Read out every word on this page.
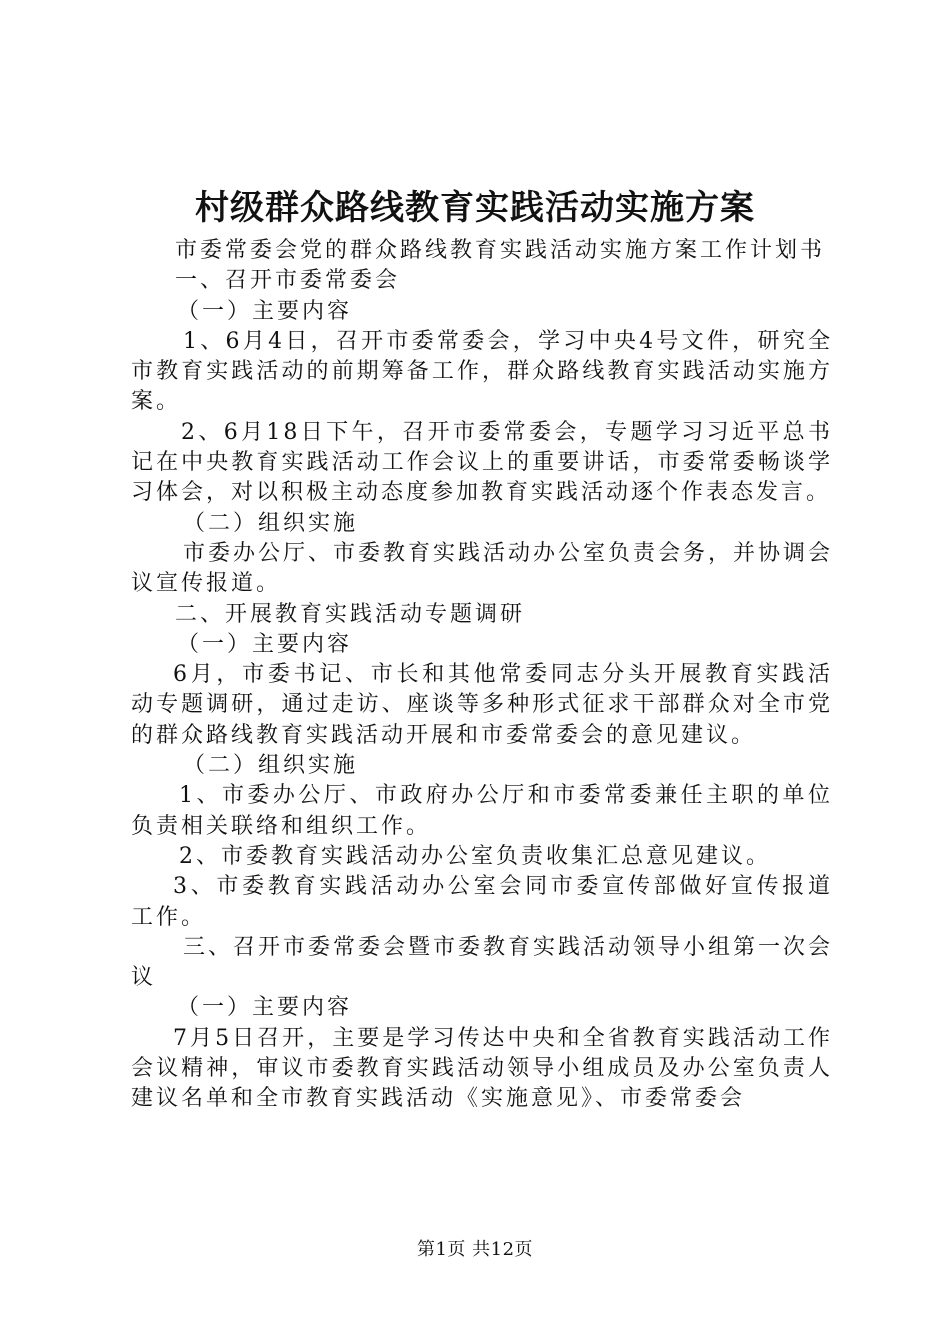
村级群众路线教育实践活动实施方案

市委常委会党的群众路线教育实践活动实施方案工作计划书

一、召开市委常委会

（一）主要内容

1、6月4日，召开市委常委会，学习中央4号文件，研究全市教育实践活动的前期筹备工作，群众路线教育实践活动实施方案。

2、6月18日下午，召开市委常委会，专题学习习近平总书记在中央教育实践活动工作会议上的重要讲话，市委常委畅谈学习体会，对以积极主动态度参加教育实践活动逐个作表态发言。

（二）组织实施

市委办公厅、市委教育实践活动办公室负责会务，并协调会议宣传报道。

二、开展教育实践活动专题调研

（一）主要内容

6月，市委书记、市长和其他常委同志分头开展教育实践活动专题调研，通过走访、座谈等多种形式征求干部群众对全市党的群众路线教育实践活动开展和市委常委会的意见建议。

（二）组织实施

1、市委办公厅、市政府办公厅和市委常委兼任主职的单位负责相关联络和组织工作。

2、市委教育实践活动办公室负责收集汇总意见建议。

3、市委教育实践活动办公室会同市委宣传部做好宣传报道工作。

三、召开市委常委会暨市委教育实践活动领导小组第一次会议

（一）主要内容

7月5日召开，主要是学习传达中央和全省教育实践活动工作会议精神，审议市委教育实践活动领导小组成员及办公室负责人建议名单和全市教育实践活动《实施意见》、市委常委会

第1页 共12页
